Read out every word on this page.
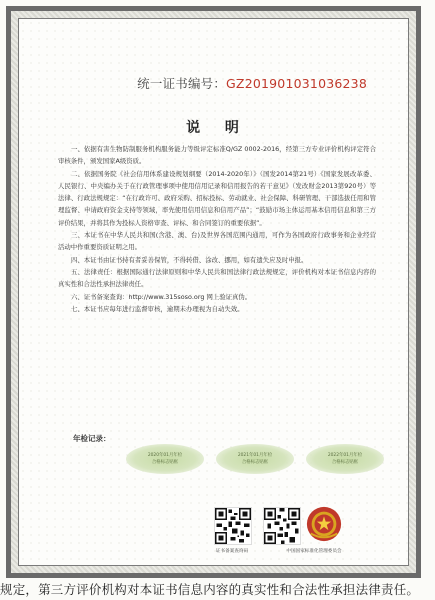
统一证书编号：GZ201901031036238
说 明

一、依据有害生物防制服务机构服务能力等级评定标准Q/GZ 0002-2016，经第三方专业评价机构评定符合审核条件，颁发国家A级资质。

二、依据国务院《社会信用体系建设规划纲要（2014-2020年）》（国发2014第21号）《国家发展改革委、人民银行、中央编办关于在行政管理事项中使用信用记录和信用报告的若干意见》（发改财金2013第920号）等法律、行政法规规定：“在行政许可、政府采购、招标投标、劳动就业、社会保障、科研管理、干部选拔任用和管理监督、申请政府资金支持等领域，率先使用信用信息和信用产品”；“鼓励市场主体运用基本信用信息和第三方评价结果，并将其作为投标人资格审查、评标、和合同签订的重要依据”。

三、本证书在中华人民共和国(含港、澳、台)及世界各国范围内通用，可作为各国政府行政事务和企业经营活动中作重要资质证明之用。

四、本证书由证书持有者妥善保管，不得转借、涂改、挪用，如有遗失应及时申报。

五、法律责任：根据国际通行法律原则和中华人民共和国法律行政法规规定，评价机构对本证书信息内容的真实性和合法性承担法律责任。

六、证书备案查询：http://www.315sosо.org 网上验证真伪。

七、本证书应每年进行监督审核，逾期未办理视为自动失效。

年检记录：
2020年01月年检
合格标志贴框
2021年01月年检
合格标志贴框
2022年01月年检
合格标志贴框
证书备案查询码	中国国家标准化管理委员会
规定，第三方评价机构对本证书信息内容的真实性和合法性承担法律责任。
